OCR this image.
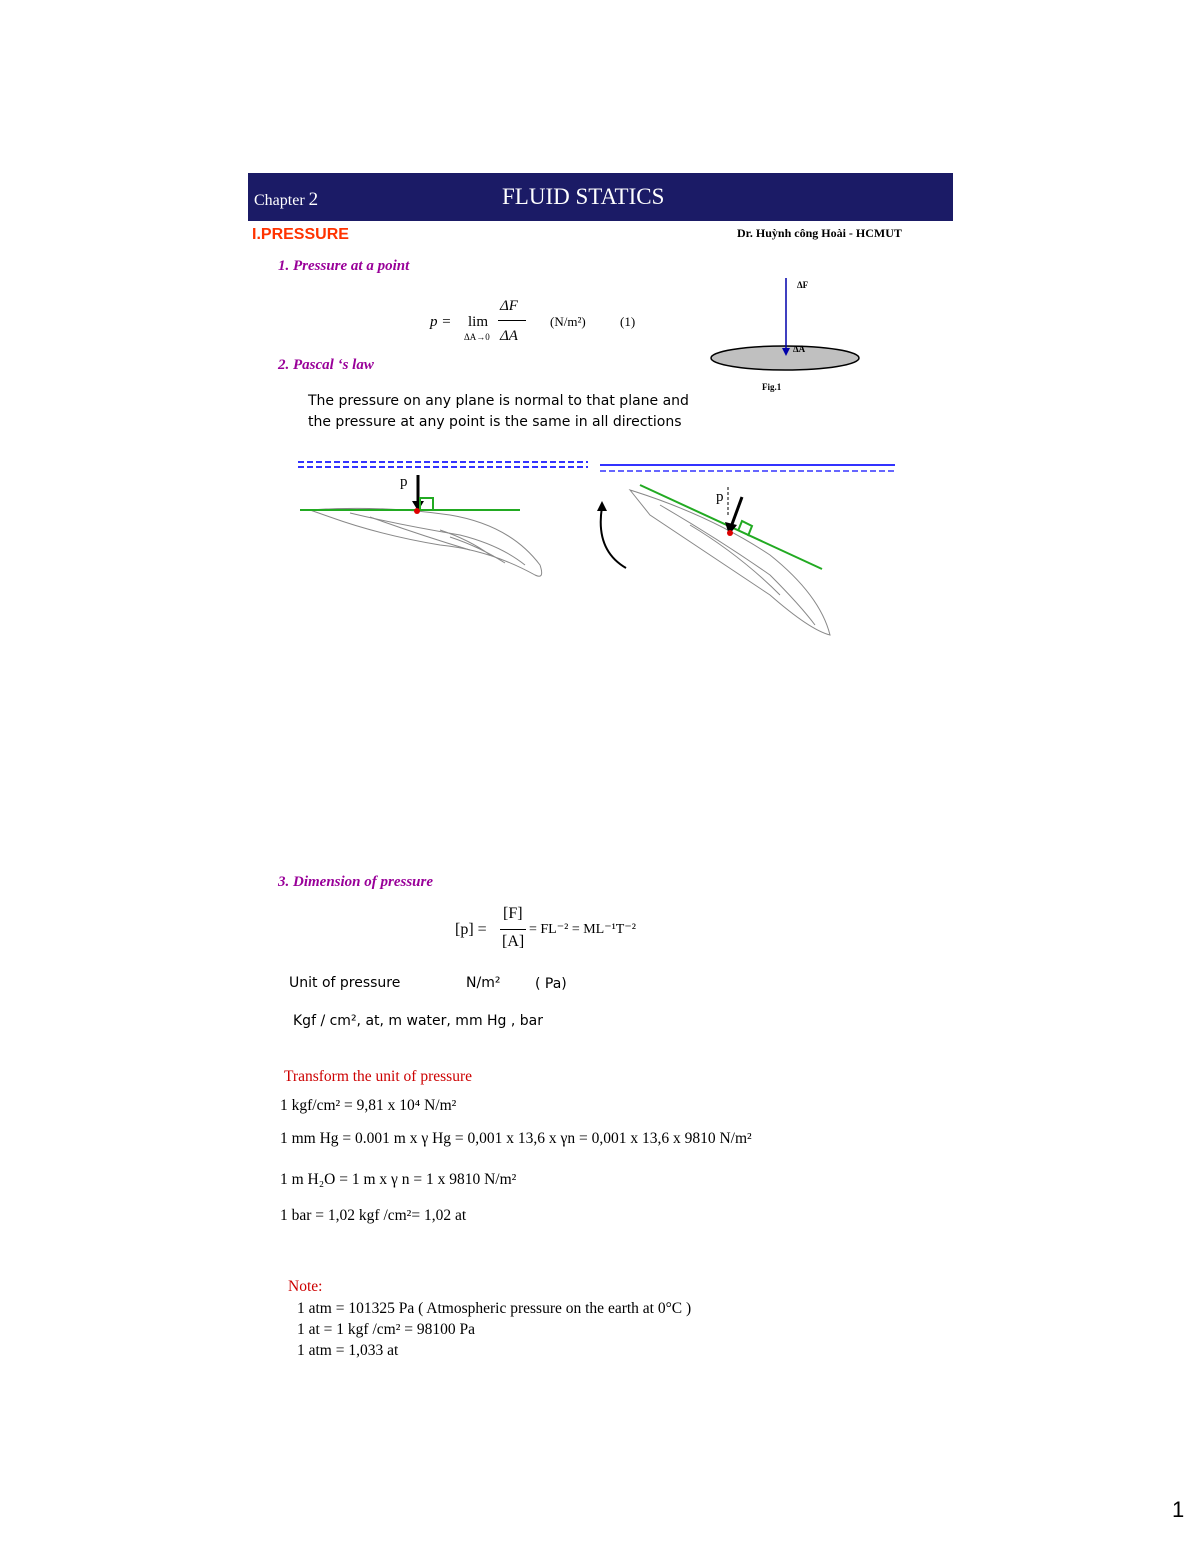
Chapter 2	FLUID STATICS
I.PRESSURE	Dr. Huỳnh công Hoài - HCMUT
1. Pressure at a point
p = lim
ΔA→0
ΔF
ΔA
(N/m²)	(1)
ΔF
ΔA
Fig.1
2. Pascal ‘s law
The pressure on any plane is normal to that plane and
the pressure at any point is the same in all directions
p
p
3. Dimension of pressure
[p] =
[F]
[A]
= FL⁻² = ML⁻¹T⁻²
Unit of pressure	N/m² ( Pa)
Kgf / cm², at, m water, mm Hg , bar
Transform the unit of pressure
1 kgf/cm² = 9,81 x 10⁴ N/m²
1 mm Hg = 0.001 m x γ Hg = 0,001 x 13,6 x γn = 0,001 x 13,6 x 9810 N/m²
1 m H₂O = 1 m x γ n = 1 x 9810 N/m²
1 bar = 1,02 kgf /cm²= 1,02 at
Note:
1 atm = 101325 Pa ( Atmospheric pressure on the earth at 0°C )
1 at = 1 kgf /cm² = 98100 Pa
1 atm = 1,033 at
1
